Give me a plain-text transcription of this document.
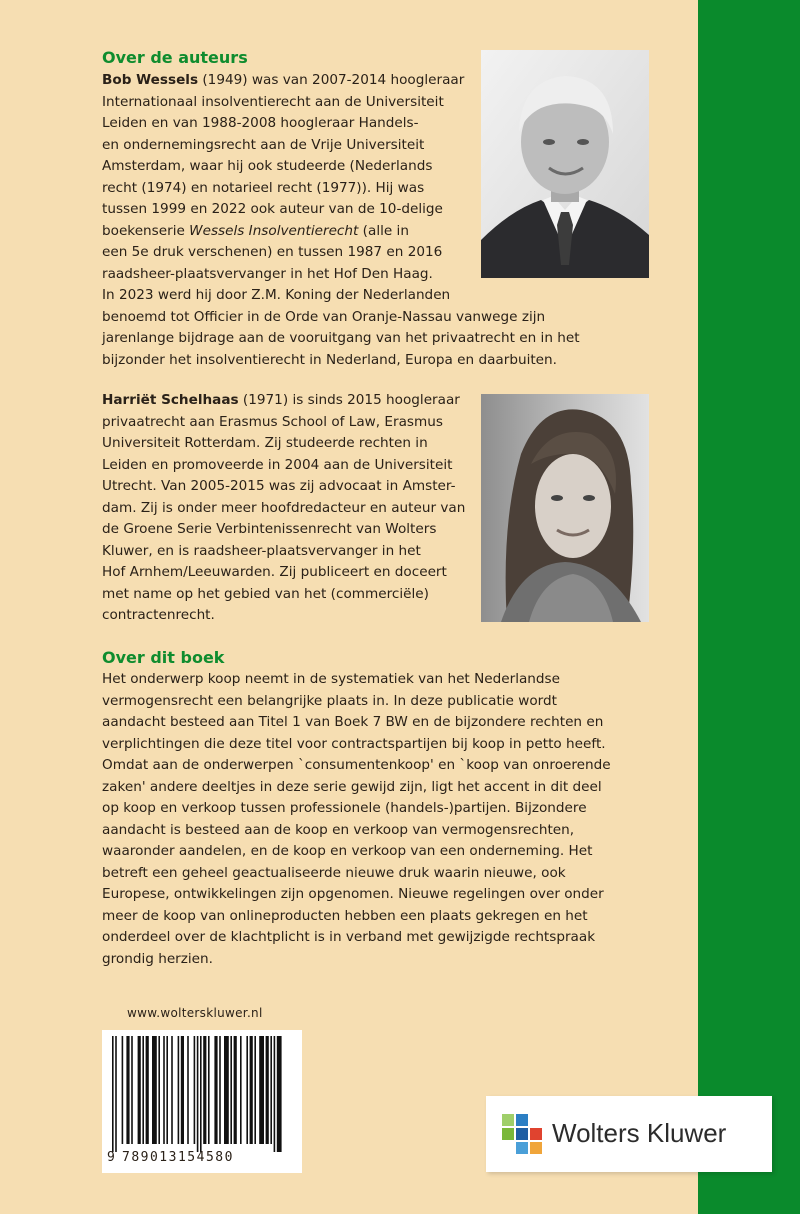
Over de auteurs
Bob Wessels (1949) was van 2007-2014 hoogleraar
Internationaal insolventierecht aan de Universiteit
Leiden en van 1988-2008 hoogleraar Handels-
en ondernemingsrecht aan de Vrije Universiteit
Amsterdam, waar hij ook studeerde (Nederlands
recht (1974) en notarieel recht (1977)). Hij was
tussen 1999 en 2022 ook auteur van de 10-delige
boekenserie Wessels Insolventierecht (alle in
een 5e druk verschenen) en tussen 1987 en 2016
raadsheer-plaatsvervanger in het Hof Den Haag.
In 2023 werd hij door Z.M. Koning der Nederlanden
benoemd tot Officier in de Orde van Oranje-Nassau vanwege zijn
jarenlange bijdrage aan de vooruitgang van het privaatrecht en in het
bijzonder het insolventierecht in Nederland, Europa en daarbuiten.
Harriët Schelhaas (1971) is sinds 2015 hoogleraar
privaatrecht aan Erasmus School of Law, Erasmus
Universiteit Rotterdam. Zij studeerde rechten in
Leiden en promoveerde in 2004 aan de Universiteit
Utrecht. Van 2005-2015 was zij advocaat in Amster-
dam. Zij is onder meer hoofdredacteur en auteur van
de Groene Serie Verbintenissenrecht van Wolters
Kluwer, en is raadsheer-plaatsvervanger in het
Hof Arnhem/Leeuwarden. Zij publiceert en doceert
met name op het gebied van het (commerciële)
contractenrecht.
Over dit boek
Het onderwerp koop neemt in de systematiek van het Nederlandse
vermogensrecht een belangrijke plaats in. In deze publicatie wordt
aandacht besteed aan Titel 1 van Boek 7 BW en de bijzondere rechten en
verplichtingen die deze titel voor contractspartijen bij koop in petto heeft.
Omdat aan de onderwerpen `consumentenkoop' en `koop van onroerende
zaken' andere deeltjes in deze serie gewijd zijn, ligt het accent in dit deel
op koop en verkoop tussen professionele (handels-)partijen. Bijzondere
aandacht is besteed aan de koop en verkoop van vermogensrechten,
waaronder aandelen, en de koop en verkoop van een onderneming. Het
betreft een geheel geactualiseerde nieuwe druk waarin nieuwe, ook
Europese, ontwikkelingen zijn opgenomen. Nieuwe regelingen over onder
meer de koop van onlineproducten hebben een plaats gekregen en het
onderdeel over de klachtplicht is in verband met gewijzigde rechtspraak
grondig herzien.
www.wolterskluwer.nl
9 789013154580
Wolters Kluwer
